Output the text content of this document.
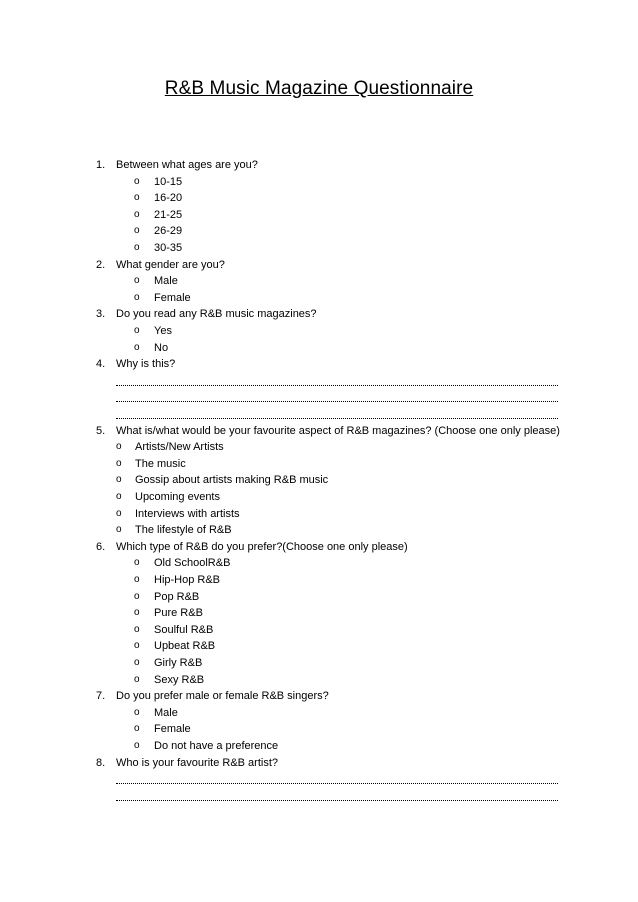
R&B Music Magazine Questionnaire
1. Between what ages are you?
o 10-15
o 16-20
o 21-25
o 26-29
o 30-35
2. What gender are you?
o Male
o Female
3. Do you read any R&B music magazines?
o Yes
o No
4. Why is this?
5. What is/what would be your favourite aspect of R&B magazines? (Choose one only please)
o Artists/New Artists
o The music
o Gossip about artists making R&B music
o Upcoming events
o Interviews with artists
o The lifestyle of R&B
6. Which type of R&B do you prefer?(Choose one only please)
o Old SchoolR&B
o Hip-Hop R&B
o Pop R&B
o Pure R&B
o Soulful R&B
o Upbeat R&B
o Girly R&B
o Sexy R&B
7. Do you prefer male or female R&B singers?
o Male
o Female
o Do not have a preference
8. Who is your favourite R&B artist?
